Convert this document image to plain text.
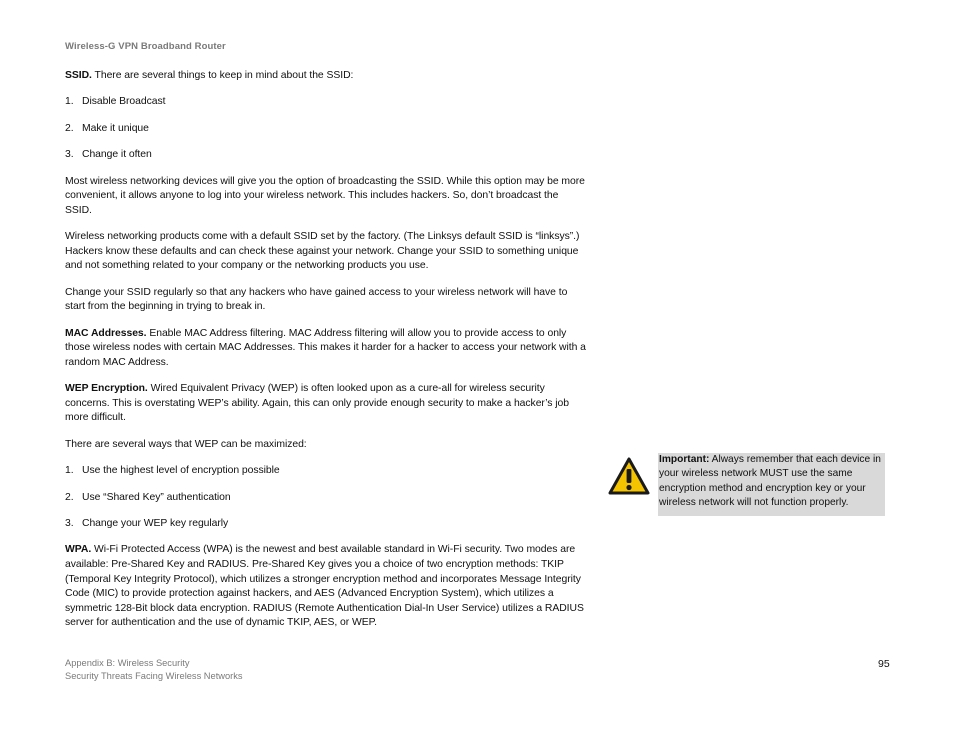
Wireless-G VPN Broadband Router

SSID. There are several things to keep in mind about the SSID:

1. Disable Broadcast
2. Make it unique
3. Change it often

Most wireless networking devices will give you the option of broadcasting the SSID. While this option may be more convenient, it allows anyone to log into your wireless network. This includes hackers. So, don’t broadcast the SSID.

Wireless networking products come with a default SSID set by the factory. (The Linksys default SSID is “linksys”.) Hackers know these defaults and can check these against your network. Change your SSID to something unique and not something related to your company or the networking products you use.

Change your SSID regularly so that any hackers who have gained access to your wireless network will have to start from the beginning in trying to break in.

MAC Addresses. Enable MAC Address filtering. MAC Address filtering will allow you to provide access to only those wireless nodes with certain MAC Addresses. This makes it harder for a hacker to access your network with a random MAC Address.

WEP Encryption. Wired Equivalent Privacy (WEP) is often looked upon as a cure-all for wireless security concerns. This is overstating WEP’s ability. Again, this can only provide enough security to make a hacker’s job more difficult.

There are several ways that WEP can be maximized:

1. Use the highest level of encryption possible
2. Use “Shared Key” authentication
3. Change your WEP key regularly

WPA. Wi-Fi Protected Access (WPA) is the newest and best available standard in Wi-Fi security. Two modes are available: Pre-Shared Key and RADIUS. Pre-Shared Key gives you a choice of two encryption methods: TKIP (Temporal Key Integrity Protocol), which utilizes a stronger encryption method and incorporates Message Integrity Code (MIC) to provide protection against hackers, and AES (Advanced Encryption System), which utilizes a symmetric 128-Bit block data encryption. RADIUS (Remote Authentication Dial-In User Service) utilizes a RADIUS server for authentication and the use of dynamic TKIP, AES, or WEP.

Important: Always remember that each device in your wireless network MUST use the same encryption method and encryption key or your wireless network will not function properly.
Appendix B: Wireless Security
Security Threats Facing Wireless Networks
95
